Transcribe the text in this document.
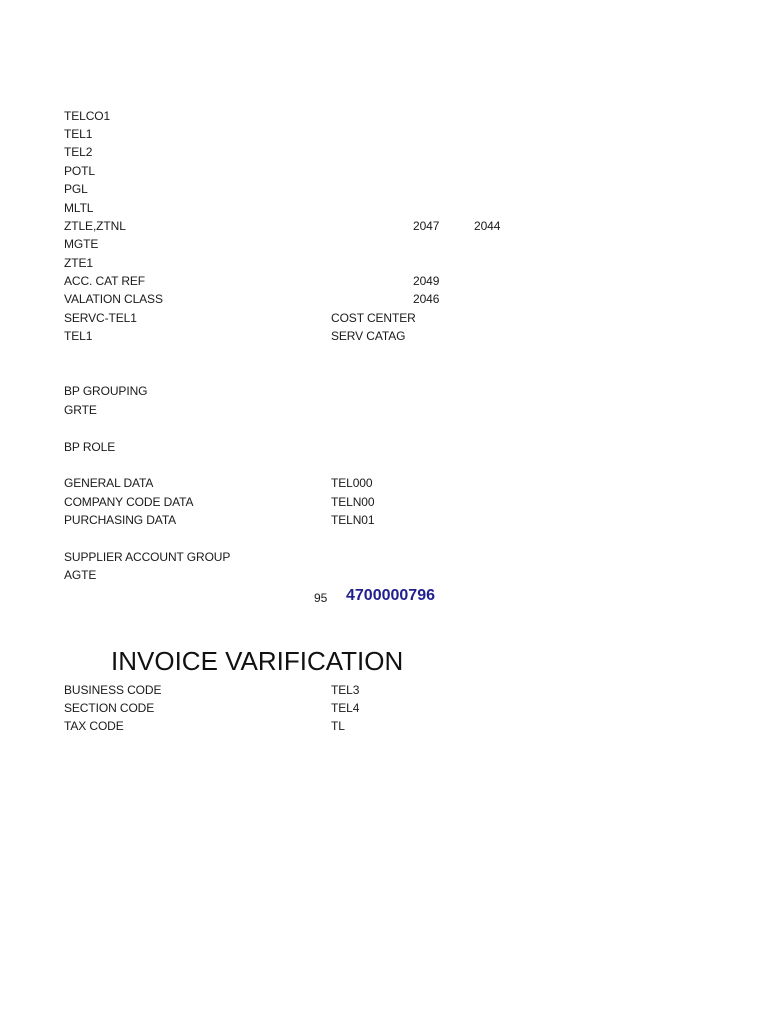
TELCO1
TEL1
TEL2
POTL
PGL
MLTL
ZTLE,ZTNL	2047	2044
MGTE
ZTE1
ACC. CAT REF	2049
VALATION CLASS	2046
SERVC-TEL1	COST CENTER
TEL1	SERV CATAG
BP GROUPING
GRTE
BP ROLE
GENERAL DATA	TEL000
COMPANY CODE DATA	TELN00
PURCHASING DATA	TELN01
SUPPLIER ACCOUNT GROUP
AGTE
95 4700000796
INVOICE VARIFICATION
BUSINESS CODE	TEL3
SECTION CODE	TEL4
TAX CODE	TL
